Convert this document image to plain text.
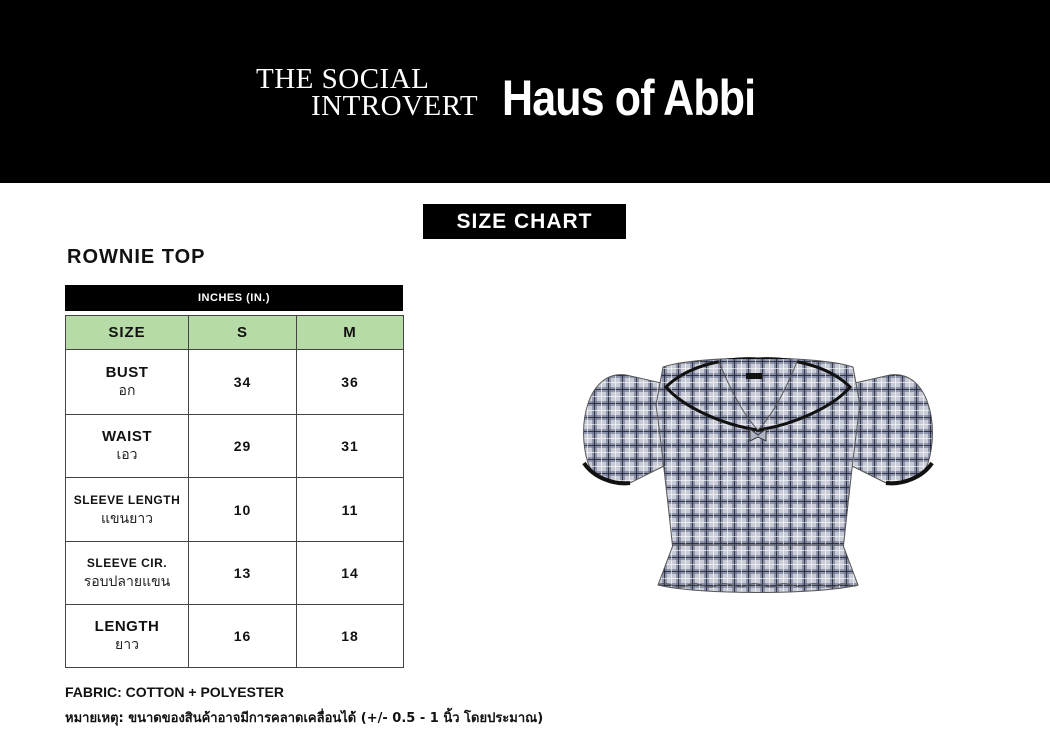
THE SOCIAL
INTROVERT Haus of Abbi
SIZE CHART
ROWNIE TOP
INCHES (IN.)
SIZE	S	M

BUST
อก	34	36

WAIST
เอว	29	31

SLEEVE LENGTH
แขนยาว	10	11

SLEEVE CIR.
รอบปลายแขน	13	14

LENGTH
ยาว	16	18
FABRIC: COTTON + POLYESTER
หมายเหตุ: ขนาดของสินค้าอาจมีการคลาดเคลื่อนได้ (+/- 0.5 - 1 นิ้ว โดยประมาณ)
